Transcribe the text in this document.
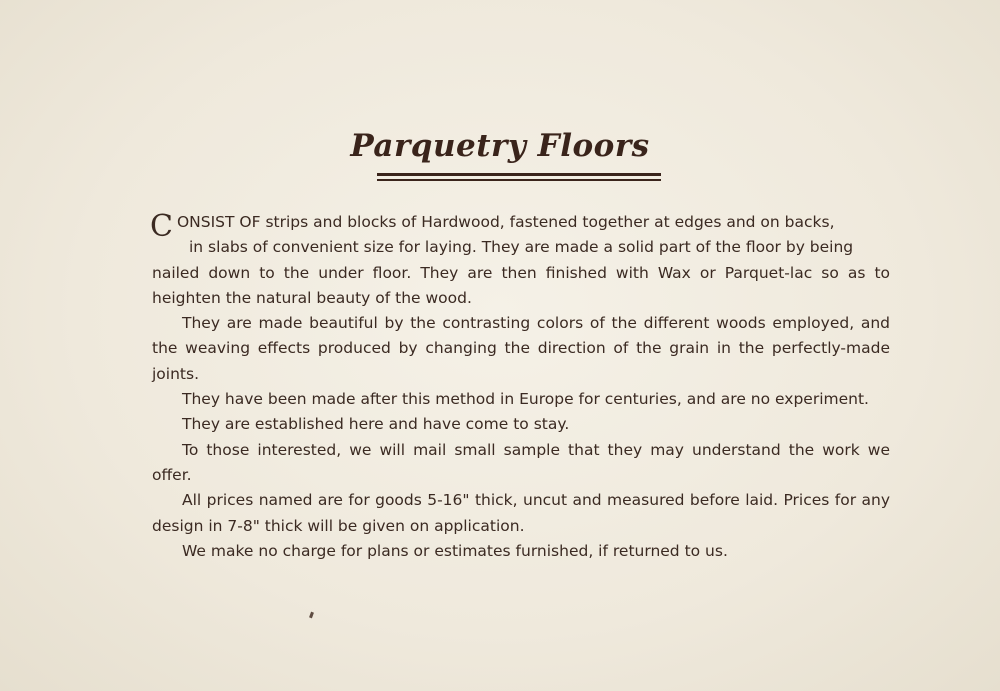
Parquetry Floors

C ONSIST OF strips and blocks of Hardwood, fastened together at edges and on backs,
in slabs of convenient size for laying. They are made a solid part of the floor by being
nailed down to the under floor. They are then finished with Wax or Parquet-lac so as to heighten the natural beauty of the wood.

They are made beautiful by the contrasting colors of the different woods employed, and the weaving effects produced by changing the direction of the grain in the perfectly-made joints.

They have been made after this method in Europe for centuries, and are no experiment.

They are established here and have come to stay.

To those interested, we will mail small sample that they may understand the work we offer.

All prices named are for goods 5-16" thick, uncut and measured before laid. Prices for any design in 7-8" thick will be given on application.

We make no charge for plans or estimates furnished, if returned to us.
